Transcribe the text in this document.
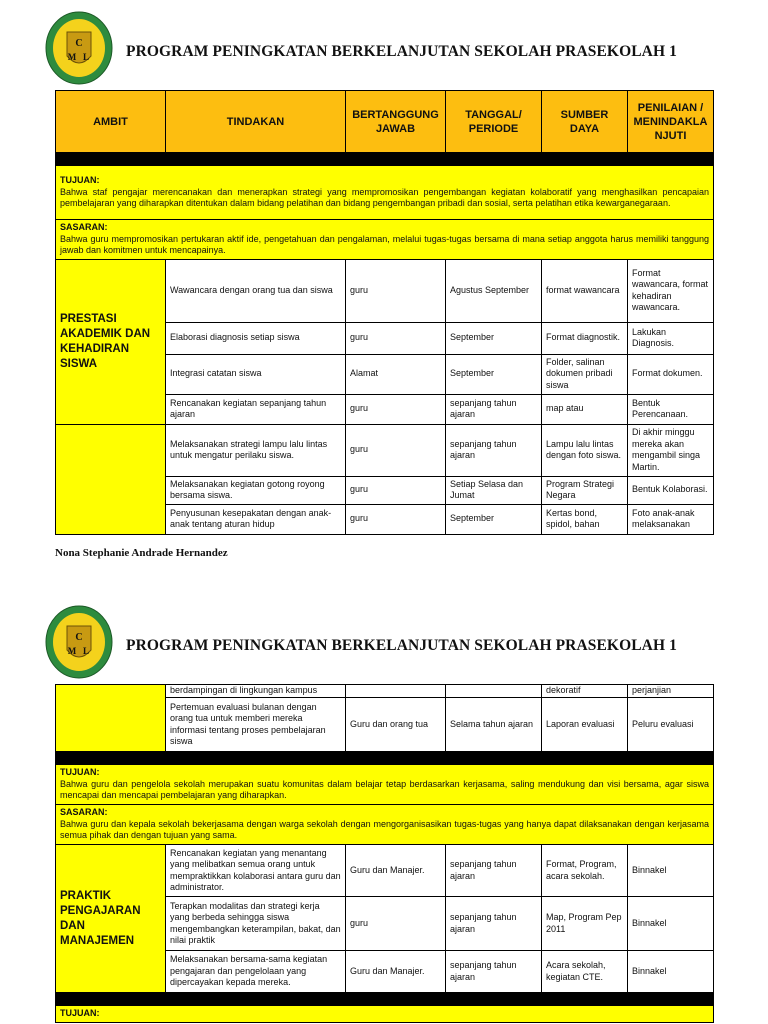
C
M L PROGRAM PENINGKATAN BERKELANJUTAN SEKOLAH PRASEKOLAH 1
AMBIT	TINDAKAN	BERTANGGUNG JAWAB	TANGGAL/ PERIODE	SUMBER DAYA	PENILAIAN / MENINDAKLA NJUTI

TUJUAN:
Bahwa staf pengajar merencanakan dan menerapkan strategi yang mempromosikan pengembangan kegiatan kolaboratif yang menghasilkan pencapaian pembelajaran yang diharapkan ditentukan dalam bidang pelatihan dan bidang pengembangan pribadi dan sosial, serta pelatihan etika kewarganegaraan.					

SASARAN:
Bahwa guru mempromosikan pertukaran aktif ide, pengetahuan dan pengalaman, melalui tugas-tugas bersama di mana setiap anggota harus memiliki tanggung jawab dan komitmen untuk mencapainya.					
PRESTASI AKADEMIK DAN KEHADIRAN SISWA	Wawancara dengan orang tua dan siswa	guru	Agustus September	format wawancara	Format wawancara, format kehadiran wawancara.
	Elaborasi diagnosis setiap siswa	guru	September	Format diagnostik.	Lakukan Diagnosis.
	Integrasi catatan siswa	Alamat	September	Folder, salinan dokumen pribadi siswa	Format dokumen.
	Rencanakan kegiatan sepanjang tahun ajaran	guru	sepanjang tahun ajaran	map atau	Bentuk Perencanaan.
	Melaksanakan strategi lampu lalu lintas untuk mengatur perilaku siswa.	guru	sepanjang tahun ajaran	Lampu lalu lintas dengan foto siswa.	Di akhir minggu mereka akan mengambil singa Martin.
	Melaksanakan kegiatan gotong royong bersama siswa.	guru	Setiap Selasa dan Jumat	Program Strategi Negara	Bentuk Kolaborasi.
	Penyusunan kesepakatan dengan anak-anak tentang aturan hidup	guru	September	Kertas bond, spidol, bahan	Foto anak-anak melaksanakan
Nona Stephanie Andrade Hernandez
C
M L PROGRAM PENINGKATAN BERKELANJUTAN SEKOLAH PRASEKOLAH 1
	berdampingan di lingkungan kampus			dekoratif	perjanjian
	Pertemuan evaluasi bulanan dengan orang tua untuk memberi mereka informasi tentang proses pembelajaran siswa	Guru dan orang tua	Selama tahun ajaran	Laporan evaluasi	Peluru evaluasi

TUJUAN:
Bahwa guru dan pengelola sekolah merupakan suatu komunitas dalam belajar tetap berdasarkan kerjasama, saling mendukung dan visi bersama, agar siswa mencapai dan mencapai pembelajaran yang diharapkan.					

SASARAN:
Bahwa guru dan kepala sekolah bekerjasama dengan warga sekolah dengan mengorganisasikan tugas-tugas yang hanya dapat dilaksanakan dengan kerjasama semua pihak dan dengan tujuan yang sama.					
PRAKTIK PENGAJARAN DAN MANAJEMEN	Rencanakan kegiatan yang menantang yang melibatkan semua orang untuk mempraktikkan kolaborasi antara guru dan administrator.	Guru dan Manajer.	sepanjang tahun ajaran	Format, Program, acara sekolah.	Binnakel
	Terapkan modalitas dan strategi kerja yang berbeda sehingga siswa mengembangkan keterampilan, bakat, dan nilai praktik	guru	sepanjang tahun ajaran	Map, Program Pep 2011	Binnakel
	Melaksanakan bersama-sama kegiatan pengajaran dan pengelolaan yang dipercayakan kepada mereka.	Guru dan Manajer.	sepanjang tahun ajaran	Acara sekolah, kegiatan CTE.	Binnakel

TUJUAN:					
